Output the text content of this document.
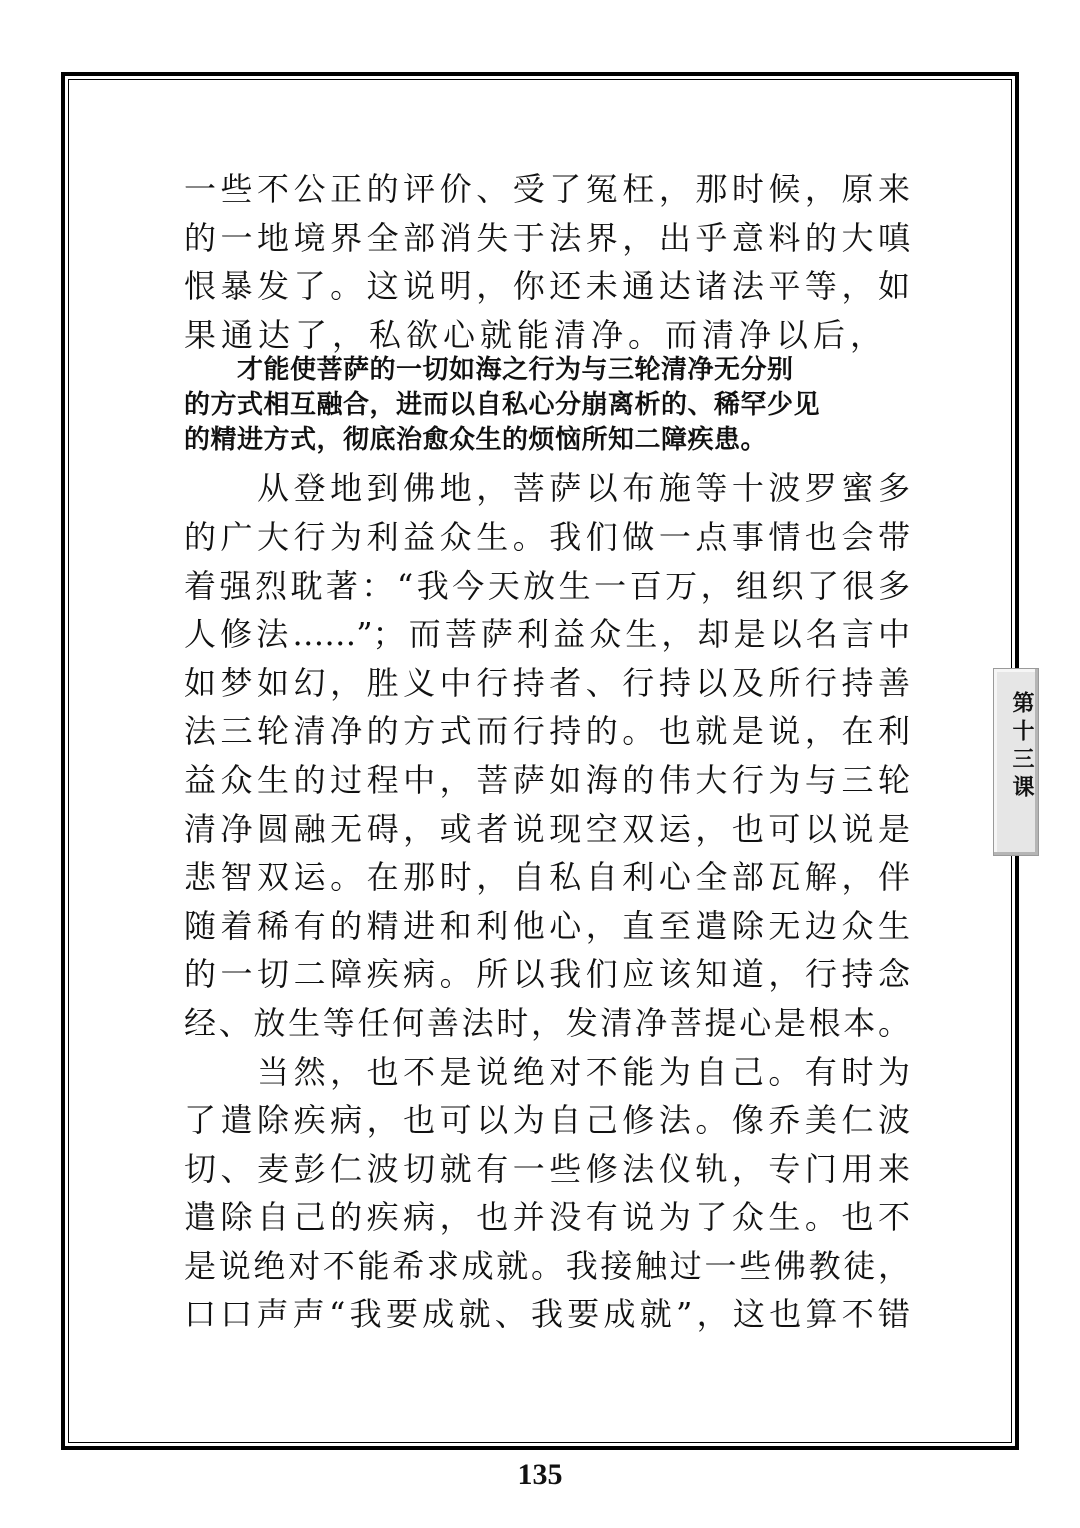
一些不公正的评价、受了冤枉，那时候，原来
的一地境界全部消失于法界，出乎意料的大嗔
恨暴发了。这说明，你还未通达诸法平等，如
果通达了，私欲心就能清净。而清净以后，
　　才能使菩萨的一切如海之行为与三轮清净无分别
的方式相互融合，进而以自私心分崩离析的、稀罕少见
的精进方式，彻底治愈众生的烦恼所知二障疾患。
　　从登地到佛地，菩萨以布施等十波罗蜜多
的广大行为利益众生。我们做一点事情也会带
着强烈耽著：“我今天放生一百万，组织了很多
人修法……”；而菩萨利益众生，却是以名言中
如梦如幻，胜义中行持者、行持以及所行持善
法三轮清净的方式而行持的。也就是说，在利
益众生的过程中，菩萨如海的伟大行为与三轮
清净圆融无碍，或者说现空双运，也可以说是
悲智双运。在那时，自私自利心全部瓦解，伴
随着稀有的精进和利他心，直至遣除无边众生
的一切二障疾病。所以我们应该知道，行持念
经、放生等任何善法时，发清净菩提心是根本。
　　当然，也不是说绝对不能为自己。有时为
了遣除疾病，也可以为自己修法。像乔美仁波
切、麦彭仁波切就有一些修法仪轨，专门用来
遣除自己的疾病，也并没有说为了众生。也不
是说绝对不能希求成就。我接触过一些佛教徒，
口口声声“我要成就、我要成就”，这也算不错
第十三课
135
